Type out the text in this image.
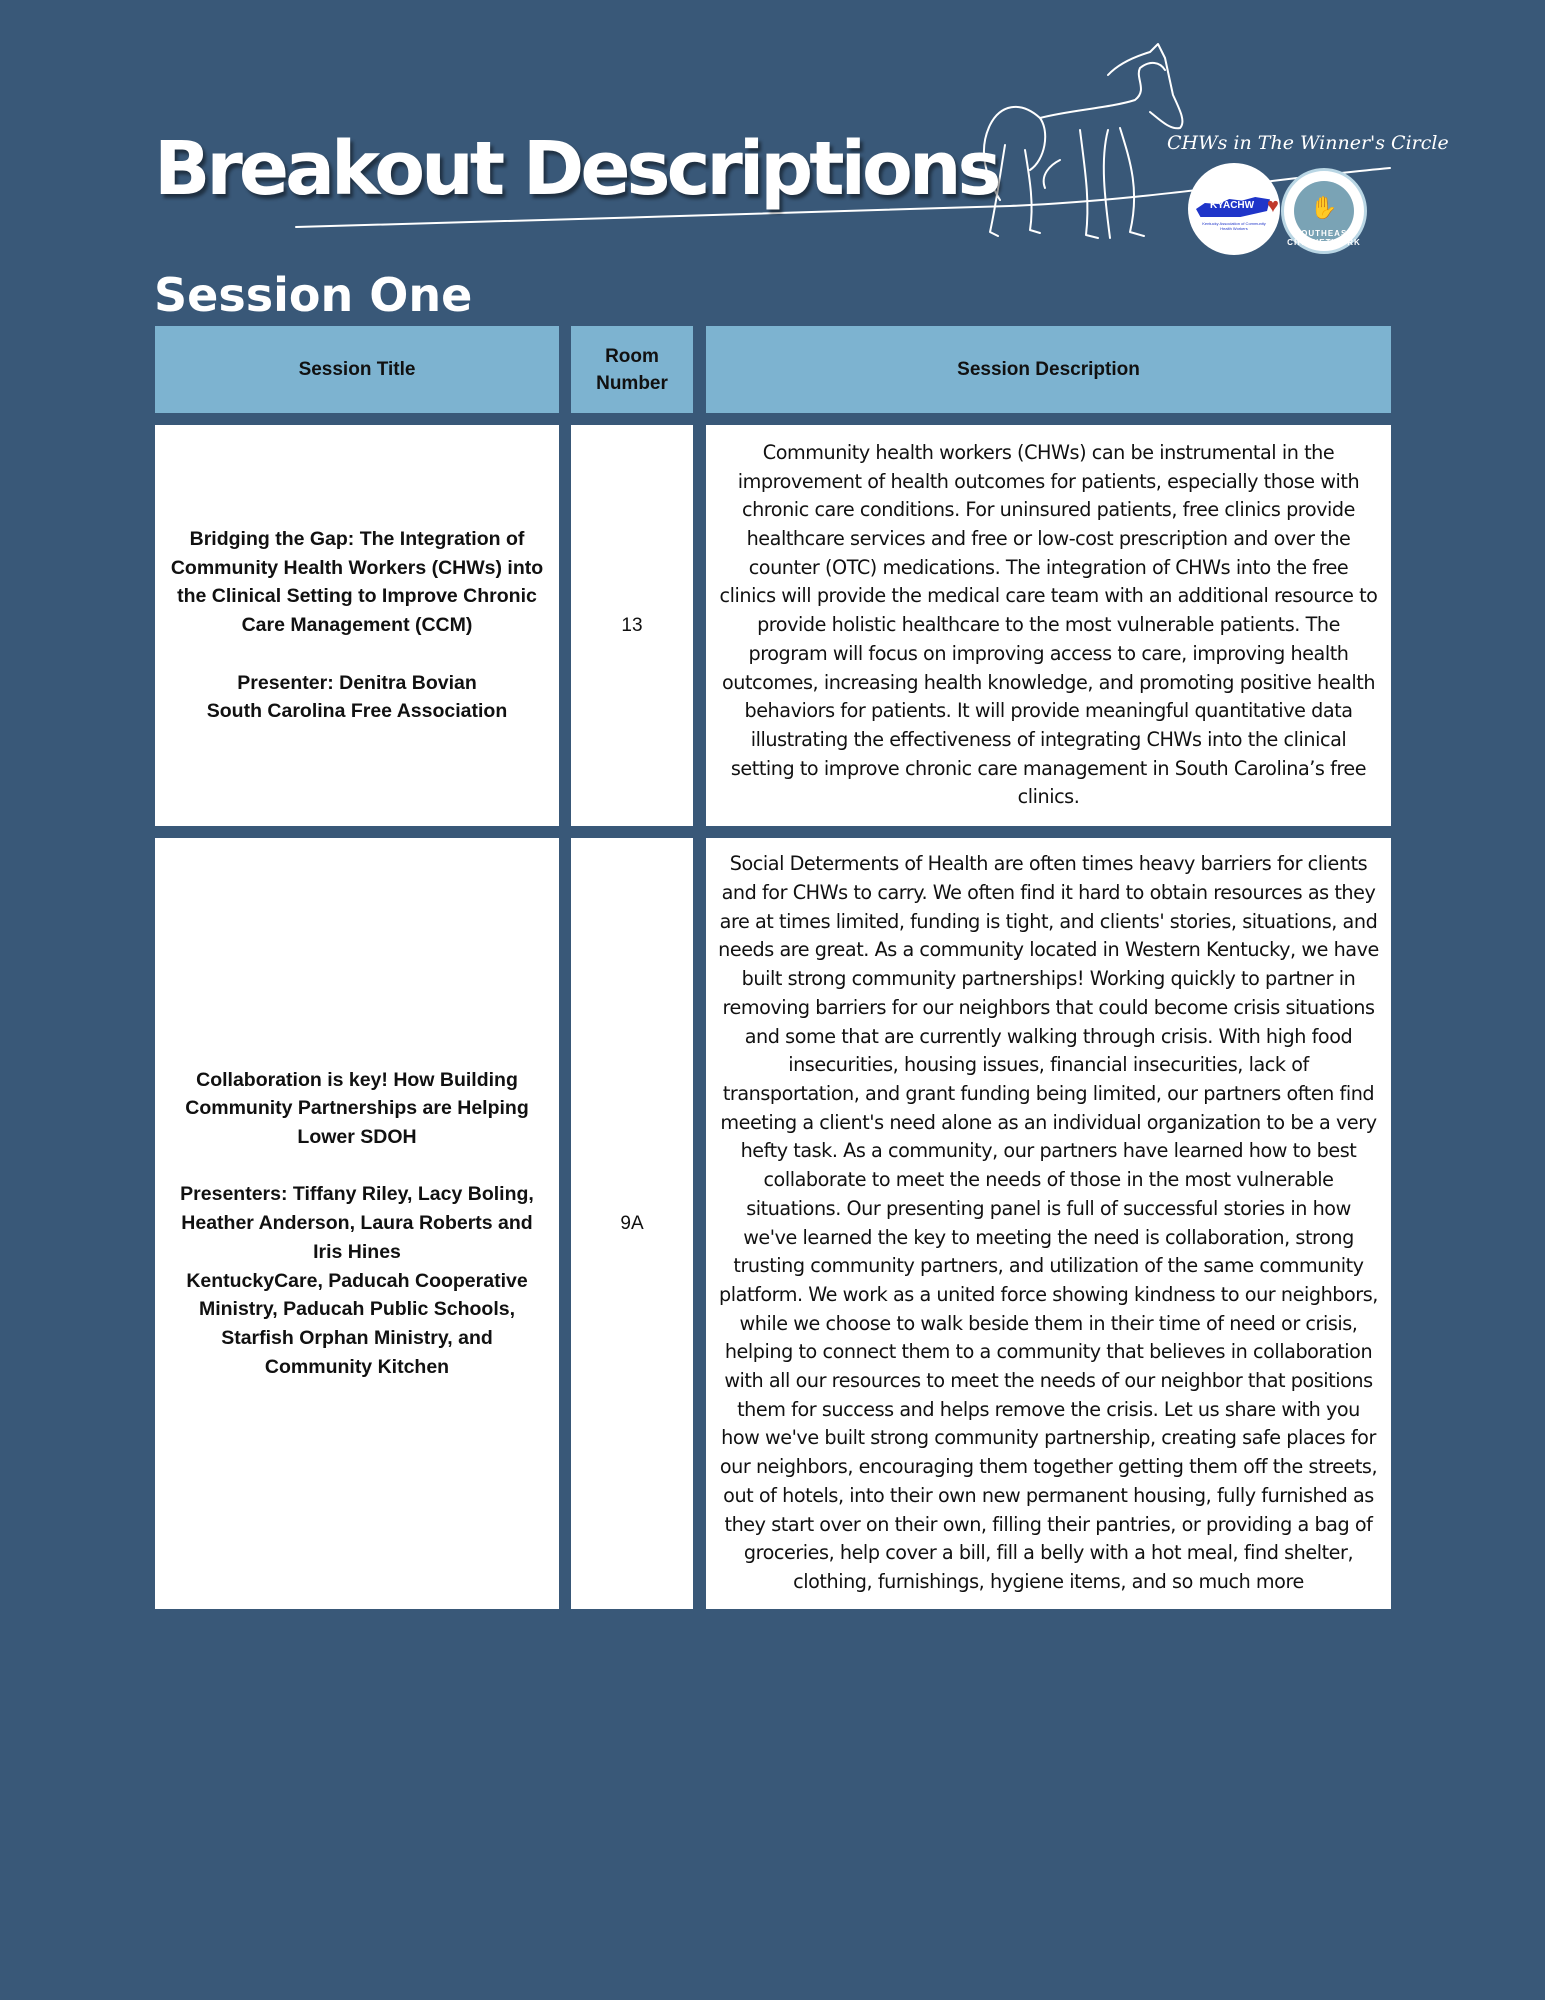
Breakout Descriptions	CHWs in The Winner's Circle
KYACHW
Kentucky Association of Community Health Workers
♥ ✋
SOUTHEAST CHW NETWORK
Session One
Session Title
Room
Number
Session Description
Bridging the Gap: The Integration of Community Health Workers (CHWs) into the Clinical Setting to Improve Chronic Care Management (CCM)
Presenter: Denitra Bovian
South Carolina Free Association
13
Community health workers (CHWs) can be instrumental in the improvement of health outcomes for patients, especially those with chronic care conditions. For uninsured patients, free clinics provide healthcare services and free or low-cost prescription and over the counter (OTC) medications. The integration of CHWs into the free clinics will provide the medical care team with an additional resource to provide holistic healthcare to the most vulnerable patients. The program will focus on improving access to care, improving health outcomes, increasing health knowledge, and promoting positive health behaviors for patients. It will provide meaningful quantitative data illustrating the effectiveness of integrating CHWs into the clinical setting to improve chronic care management in South Carolina’s free clinics.
Collaboration is key! How Building Community Partnerships are Helping Lower SDOH
Presenters: Tiffany Riley, Lacy Boling, Heather Anderson, Laura Roberts and Iris Hines
KentuckyCare, Paducah Cooperative Ministry, Paducah Public Schools, Starfish Orphan Ministry, and Community Kitchen
9A
Social Determents of Health are often times heavy barriers for clients and for CHWs to carry. We often find it hard to obtain resources as they are at times limited, funding is tight, and clients' stories, situations, and needs are great. As a community located in Western Kentucky, we have built strong community partnerships! Working quickly to partner in removing barriers for our neighbors that could become crisis situations and some that are currently walking through crisis. With high food insecurities, housing issues, financial insecurities, lack of transportation, and grant funding being limited, our partners often find meeting a client's need alone as an individual organization to be a very hefty task. As a community, our partners have learned how to best collaborate to meet the needs of those in the most vulnerable situations. Our presenting panel is full of successful stories in how we've learned the key to meeting the need is collaboration, strong trusting community partners, and utilization of the same community platform. We work as a united force showing kindness to our neighbors, while we choose to walk beside them in their time of need or crisis, helping to connect them to a community that believes in collaboration with all our resources to meet the needs of our neighbor that positions them for success and helps remove the crisis. Let us share with you how we've built strong community partnership, creating safe places for our neighbors, encouraging them together getting them off the streets, out of hotels, into their own new permanent housing, fully furnished as they start over on their own, filling their pantries, or providing a bag of groceries, help cover a bill, fill a belly with a hot meal, find shelter, clothing, furnishings, hygiene items, and so much more
